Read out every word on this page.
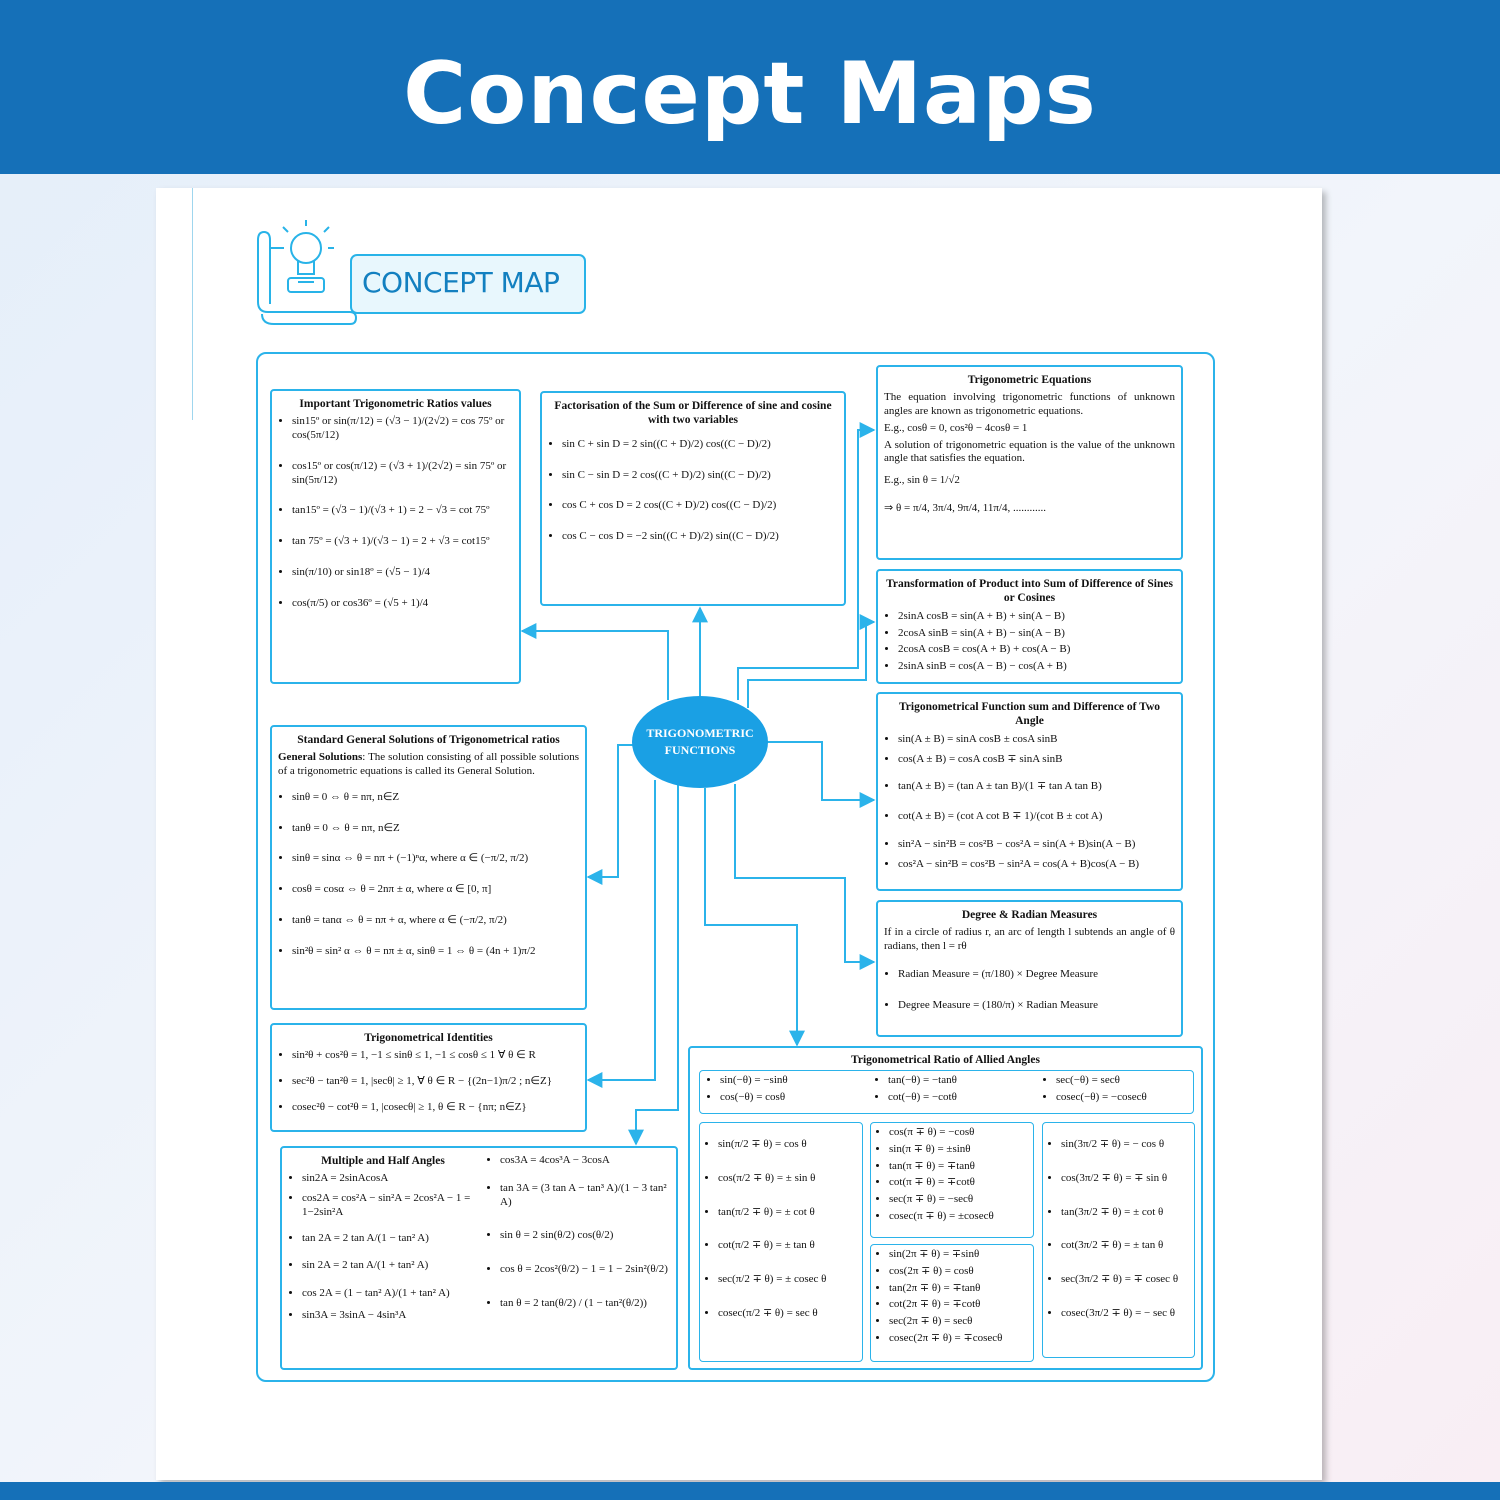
Concept Maps
CONCEPT MAP
TRIGONOMETRIC
FUNCTIONS
Important Trigonometric Ratios values
• sin15º or sin(π/12) = (√3 − 1)/(2√2) = cos 75º or cos(5π/12)
• cos15º or cos(π/12) = (√3 + 1)/(2√2) = sin 75º or sin(5π/12)
• tan15º = (√3 − 1)/(√3 + 1) = 2 − √3 = cot 75º
• tan 75º = (√3 + 1)/(√3 − 1) = 2 + √3 = cot15º
• sin(π/10) or sin18º = (√5 − 1)/4
• cos(π/5) or cos36º = (√5 + 1)/4
Factorisation of the Sum or Difference of sine and cosine with two variables
• sin C + sin D = 2 sin((C + D)/2) cos((C − D)/2)
• sin C − sin D = 2 cos((C + D)/2) sin((C − D)/2)
• cos C + cos D = 2 cos((C + D)/2) cos((C − D)/2)
• cos C − cos D = −2 sin((C + D)/2) sin((C − D)/2)
Trigonometric Equations

The equation involving trigonometric functions of unknown angles are known as trigonometric equations.

E.g., cosθ = 0, cos²θ − 4cosθ = 1

A solution of trigonometric equation is the value of the unknown angle that satisfies the equation.

E.g., sin θ = 1/√2

⇒ θ = π/4, 3π/4, 9π/4, 11π/4, ............

Transformation of Product into Sum of Difference of Sines or Cosines
• 2sinA cosB = sin(A + B) + sin(A − B)
• 2cosA sinB = sin(A + B) − sin(A − B)
• 2cosA cosB = cos(A + B) + cos(A − B)
• 2sinA sinB = cos(A − B) − cos(A + B)
Trigonometrical Function sum and Difference of Two Angle
• sin(A ± B) = sinA cosB ± cosA sinB
• cos(A ± B) = cosA cosB ∓ sinA sinB
• tan(A ± B) = (tan A ± tan B)/(1 ∓ tan A tan B)
• cot(A ± B) = (cot A cot B ∓ 1)/(cot B ± cot A)
• sin²A − sin²B = cos²B − cos²A = sin(A + B)sin(A − B)
• cos²A − sin²B = cos²B − sin²A = cos(A + B)cos(A − B)
Degree & Radian Measures

If in a circle of radius r, an arc of length l subtends an angle of θ radians, then l = rθ

• Radian Measure = (π/180) × Degree Measure
• Degree Measure = (180/π) × Radian Measure
Standard General Solutions of Trigonometrical ratios

General Solutions: The solution consisting of all possible solutions of a trigonometric equations is called its General Solution.

• sinθ = 0 ⇔ θ = nπ, n∈Z
• tanθ = 0 ⇔ θ = nπ, n∈Z
• sinθ = sinα ⇔ θ = nπ + (−1)ⁿα, where α ∈ (−π/2, π/2)
• cosθ = cosα ⇔ θ = 2nπ ± α, where α ∈ [0, π]
• tanθ = tanα ⇔ θ = nπ + α, where α ∈ (−π/2, π/2)
• sin²θ = sin² α ⇔ θ = nπ ± α, sinθ = 1 ⇔ θ = (4n + 1)π/2
Trigonometrical Identities
• sin²θ + cos²θ = 1, −1 ≤ sinθ ≤ 1, −1 ≤ cosθ ≤ 1 ∀ θ ∈ R
• sec²θ − tan²θ = 1, |secθ| ≥ 1, ∀ θ ∈ R − {(2n−1)π/2 ; n∈Z}
• cosec²θ − cot²θ = 1, |cosecθ| ≥ 1, θ ∈ R − {nπ; n∈Z}
Multiple and Half Angles
• sin2A = 2sinAcosA
• cos2A = cos²A − sin²A = 2cos²A − 1 = 1−2sin²A
• tan 2A = 2 tan A/(1 − tan² A)
• sin 2A = 2 tan A/(1 + tan² A)
• cos 2A = (1 − tan² A)/(1 + tan² A)
• sin3A = 3sinA − 4sin³A
• cos3A = 4cos³A − 3cosA
• tan 3A = (3 tan A − tan³ A)/(1 − 3 tan² A)
• sin θ = 2 sin(θ/2) cos(θ/2)
• cos θ = 2cos²(θ/2) − 1 = 1 − 2sin²(θ/2)
• tan θ = 2 tan(θ/2) / (1 − tan²(θ/2))
Trigonometrical Ratio of Allied Angles
• sin(−θ) = −sinθ	• tan(−θ) = −tanθ	• sec(−θ) = secθ
• cos(−θ) = cosθ	• cot(−θ) = −cotθ	• cosec(−θ) = −cosecθ
• sin(π/2 ∓ θ) = cos θ
• cos(π/2 ∓ θ) = ± sin θ
• tan(π/2 ∓ θ) = ± cot θ
• cot(π/2 ∓ θ) = ± tan θ
• sec(π/2 ∓ θ) = ± cosec θ
• cosec(π/2 ∓ θ) = sec θ
• cos(π ∓ θ) = −cosθ
• sin(π ∓ θ) = ±sinθ
• tan(π ∓ θ) = ∓tanθ
• cot(π ∓ θ) = ∓cotθ
• sec(π ∓ θ) = −secθ
• cosec(π ∓ θ) = ±cosecθ
• sin(2π ∓ θ) = ∓sinθ
• cos(2π ∓ θ) = cosθ
• tan(2π ∓ θ) = ∓tanθ
• cot(2π ∓ θ) = ∓cotθ
• sec(2π ∓ θ) = secθ
• cosec(2π ∓ θ) = ∓cosecθ
• sin(3π/2 ∓ θ) = − cos θ
• cos(3π/2 ∓ θ) = ∓ sin θ
• tan(3π/2 ∓ θ) = ± cot θ
• cot(3π/2 ∓ θ) = ± tan θ
• sec(3π/2 ∓ θ) = ∓ cosec θ
• cosec(3π/2 ∓ θ) = − sec θ
